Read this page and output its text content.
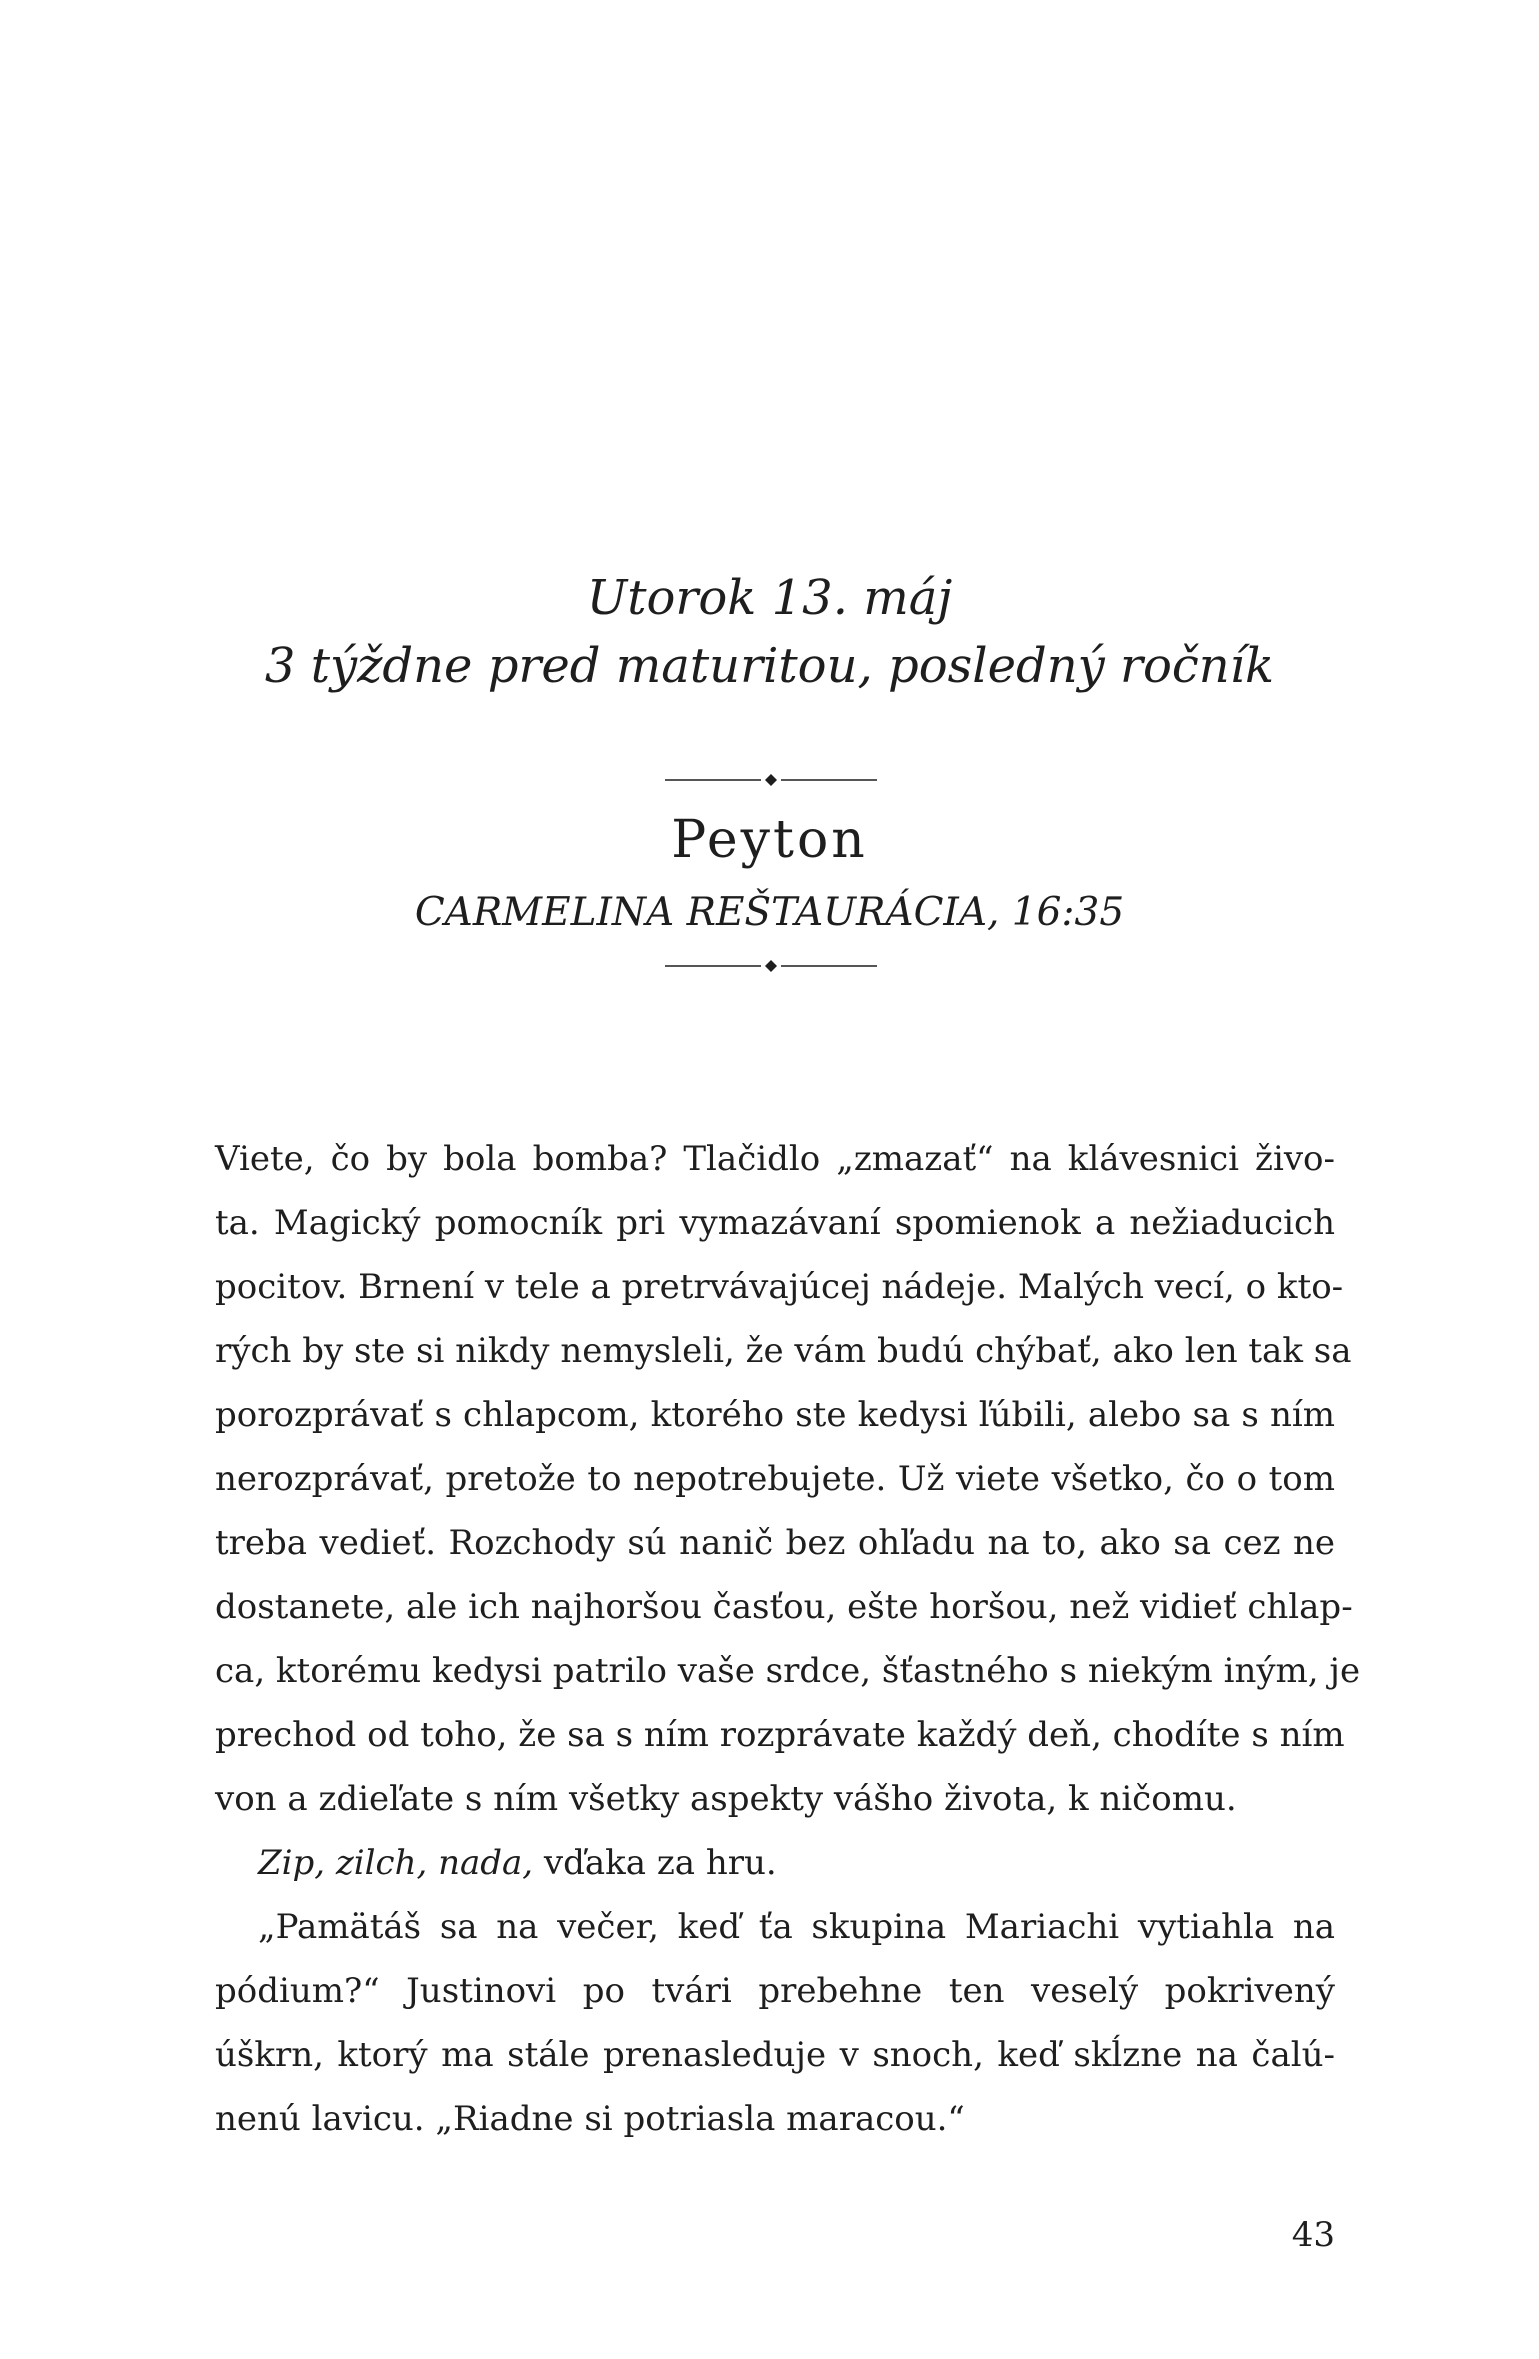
Utorok 13. máj

3 týždne pred maturitou, posledný ročník

Peyton

CARMELINA REŠTAURÁCIA, 16:35

Viete, čo by bola bomba? Tlačidlo „zmazať“ na klávesnici živo-

ta. Magický pomocník pri vymazávaní spomienok a nežiaducich

pocitov. Brnení v tele a pretrvávajúcej nádeje. Malých vecí, o kto-

rých by ste si nikdy nemysleli, že vám budú chýbať, ako len tak sa

porozprávať s chlapcom, ktorého ste kedysi ľúbili, alebo sa s ním

nerozprávať, pretože to nepotrebujete. Už viete všetko, čo o tom

treba vedieť. Rozchody sú nanič bez ohľadu na to, ako sa cez ne

dostanete, ale ich najhoršou časťou, ešte horšou, než vidieť chlap-

ca, ktorému kedysi patrilo vaše srdce, šťastného s niekým iným, je

prechod od toho, že sa s ním rozprávate každý deň, chodíte s ním

von a zdieľate s ním všetky aspekty vášho života, k ničomu.

Zip, zilch, nada, vďaka za hru.

„Pamätáš sa na večer, keď ťa skupina Mariachi vytiahla na

pódium?“ Justinovi po tvári prebehne ten veselý pokrivený

úškrn, ktorý ma stále prenasleduje v snoch, keď skĺzne na čalú-

nenú lavicu. „Riadne si potriasla maracou.“

43
